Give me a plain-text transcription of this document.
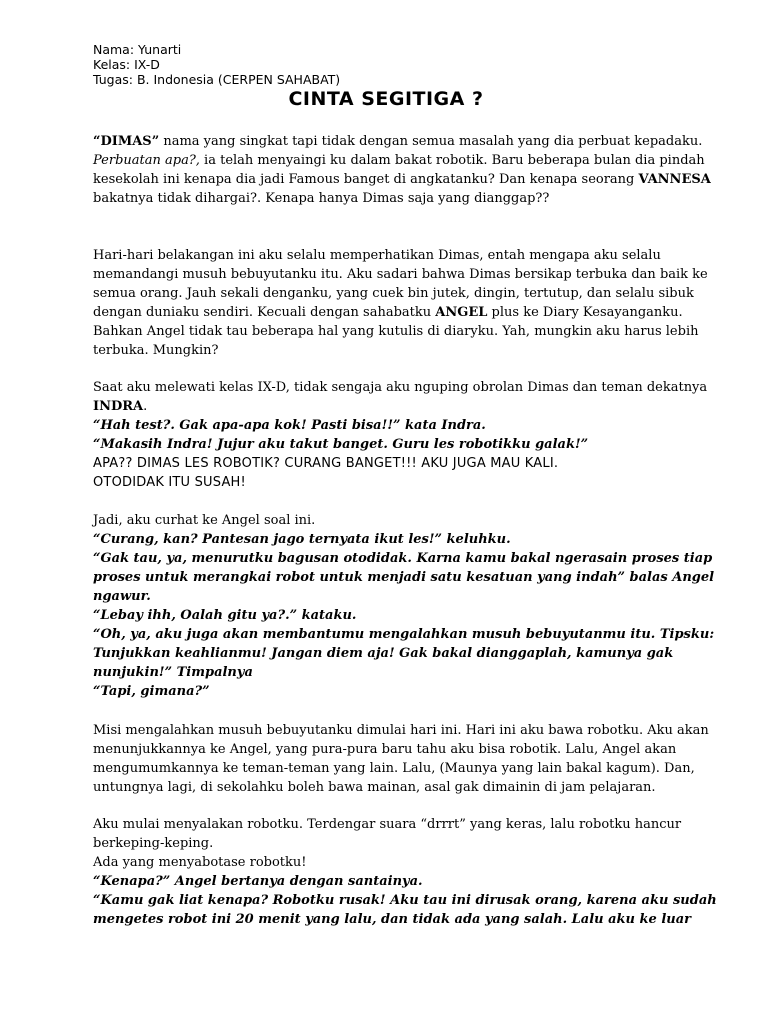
Nama: Yunarti
Kelas: IX-D
Tugas: B. Indonesia (CERPEN SAHABAT)
CINTA SEGITIGA ?
“DIMAS” nama yang singkat tapi tidak dengan semua masalah yang dia perbuat kepadaku.
Perbuatan apa?, ia telah menyaingi ku dalam bakat robotik. Baru beberapa bulan dia pindah
kesekolah ini kenapa dia jadi Famous banget di angkatanku? Dan kenapa seorang VANNESA
bakatnya tidak dihargai?. Kenapa hanya Dimas saja yang dianggap??
Hari-hari belakangan ini aku selalu memperhatikan Dimas, entah mengapa aku selalu
memandangi musuh bebuyutanku itu. Aku sadari bahwa Dimas bersikap terbuka dan baik ke
semua orang. Jauh sekali denganku, yang cuek bin jutek, dingin, tertutup, dan selalu sibuk
dengan duniaku sendiri. Kecuali dengan sahabatku ANGEL plus ke Diary Kesayanganku.
Bahkan Angel tidak tau beberapa hal yang kutulis di diaryku. Yah, mungkin aku harus lebih
terbuka. Mungkin?
Saat aku melewati kelas IX-D, tidak sengaja aku nguping obrolan Dimas dan teman dekatnya
INDRA.
“Hah test?. Gak apa-apa kok! Pasti bisa!!” kata Indra.
“Makasih Indra! Jujur aku takut banget. Guru les robotikku galak!”
APA?? DIMAS LES ROBOTIK? CURANG BANGET!!! AKU JUGA MAU KALI.
OTODIDAK ITU SUSAH!
Jadi, aku curhat ke Angel soal ini.
“Curang, kan? Pantesan jago ternyata ikut les!” keluhku.
“Gak tau, ya, menurutku bagusan otodidak. Karna kamu bakal ngerasain proses tiap
proses untuk merangkai robot untuk menjadi satu kesatuan yang indah” balas Angel
ngawur.
“Lebay ihh, Oalah gitu ya?.” kataku.
“Oh, ya, aku juga akan membantumu mengalahkan musuh bebuyutanmu itu. Tipsku:
Tunjukkan keahlianmu! Jangan diem aja! Gak bakal dianggaplah, kamunya gak
nunjukin!” Timpalnya
“Tapi, gimana?”
Misi mengalahkan musuh bebuyutanku dimulai hari ini. Hari ini aku bawa robotku. Aku akan
menunjukkannya ke Angel, yang pura-pura baru tahu aku bisa robotik. Lalu, Angel akan
mengumumkannya ke teman-teman yang lain. Lalu, (Maunya yang lain bakal kagum). Dan,
untungnya lagi, di sekolahku boleh bawa mainan, asal gak dimainin di jam pelajaran.
Aku mulai menyalakan robotku. Terdengar suara “drrrt” yang keras, lalu robotku hancur
berkeping-keping.
Ada yang menyabotase robotku!
“Kenapa?” Angel bertanya dengan santainya.
“Kamu gak liat kenapa? Robotku rusak! Aku tau ini dirusak orang, karena aku sudah
mengetes robot ini 20 menit yang lalu, dan tidak ada yang salah. Lalu aku ke luar
